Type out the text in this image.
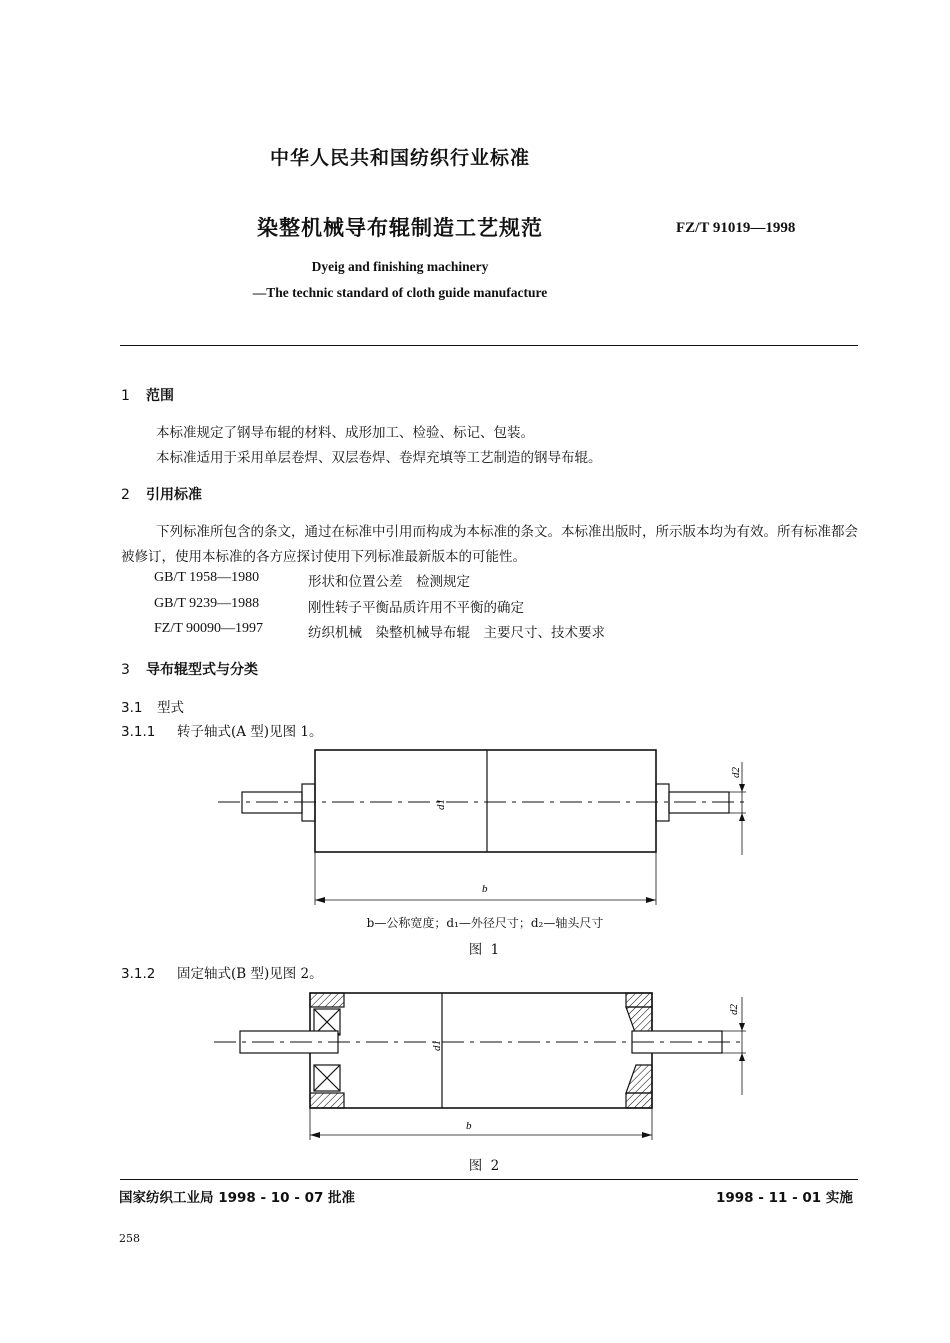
中华人民共和国纺织行业标准
染整机械导布辊制造工艺规范	FZ/T 91019—1998
Dyeig and finishing machinery
—The technic standard of cloth guide manufacture
1 范围
本标准规定了钢导布辊的材料、成形加工、检验、标记、包装。
本标准适用于采用单层卷焊、双层卷焊、卷焊充填等工艺制造的钢导布辊。
2 引用标准
下列标准所包含的条文，通过在标准中引用而构成为本标准的条文。本标准出版时，所示版本均为有效。所有标准都会被修订，使用本标准的各方应探讨使用下列标准最新版本的可能性。
GB/T 1958—1980	形状和位置公差　检测规定
GB/T 9239—1988	刚性转子平衡品质许用不平衡的确定
FZ/T 90090—1997	纺织机械　染整机械导布辊　主要尺寸、技术要求
3 导布辊型式与分类
3.1 型式
3.1.1 转子轴式(A 型)见图 1。
b
d1
d2
b—公称宽度；d₁—外径尺寸；d₂—轴头尺寸
图 1
3.1.2 固定轴式(B 型)见图 2。
b
d1
d2
图 2
国家纺织工业局 1998 - 10 - 07 批准	1998 - 11 - 01 实施
258
